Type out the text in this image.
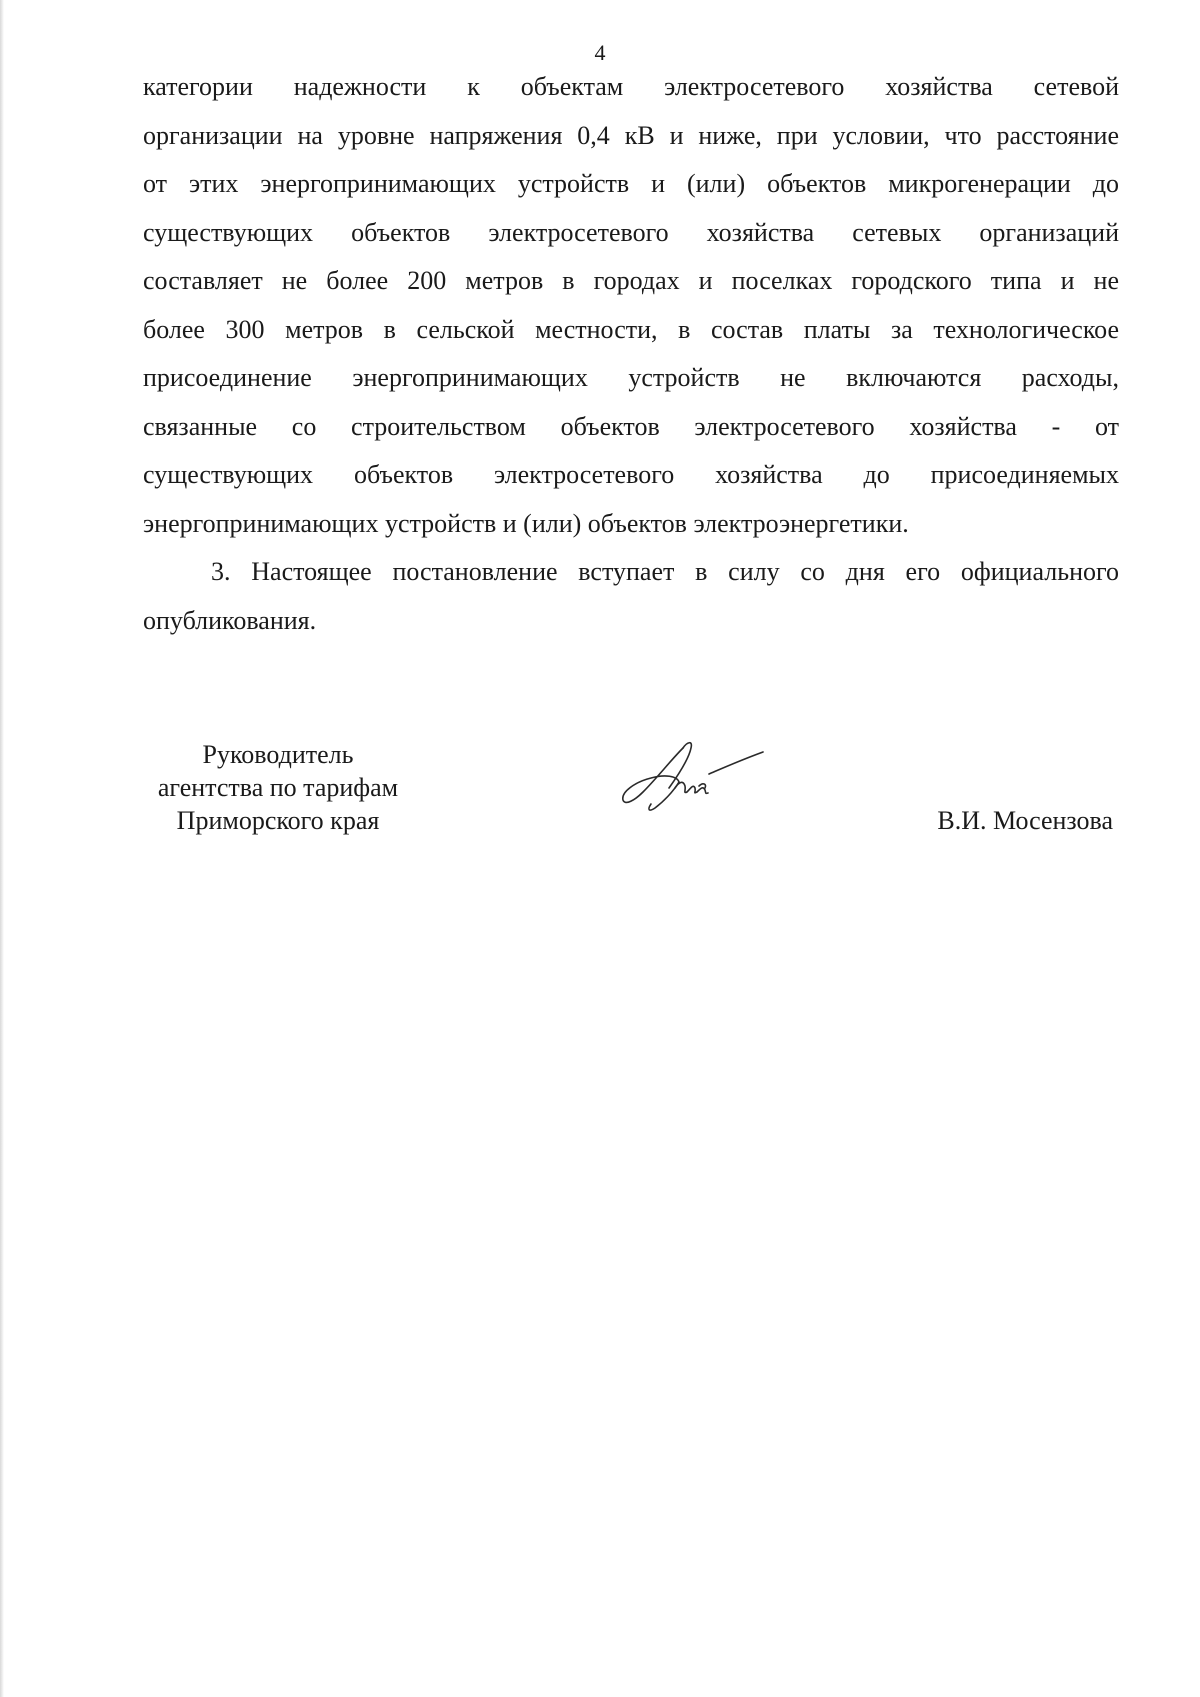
4

категории надежности к объектам электросетевого хозяйства сетевой
организации на уровне напряжения 0,4 кВ и ниже, при условии, что расстояние
от этих энергопринимающих устройств и (или) объектов микрогенерации до
существующих объектов электросетевого хозяйства сетевых организаций
составляет не более 200 метров в городах и поселках городского типа и не
более 300 метров в сельской местности, в состав платы за технологическое
присоединение энергопринимающих устройств не включаются расходы,
связанные со строительством объектов электросетевого хозяйства - от
существующих объектов электросетевого хозяйства до присоединяемых
энергопринимающих устройств и (или) объектов электроэнергетики.

3. Настоящее постановление вступает в силу со дня его официального
опубликования.

Руководитель
агентства по тарифам
Приморского края	В.И. Мосензова
